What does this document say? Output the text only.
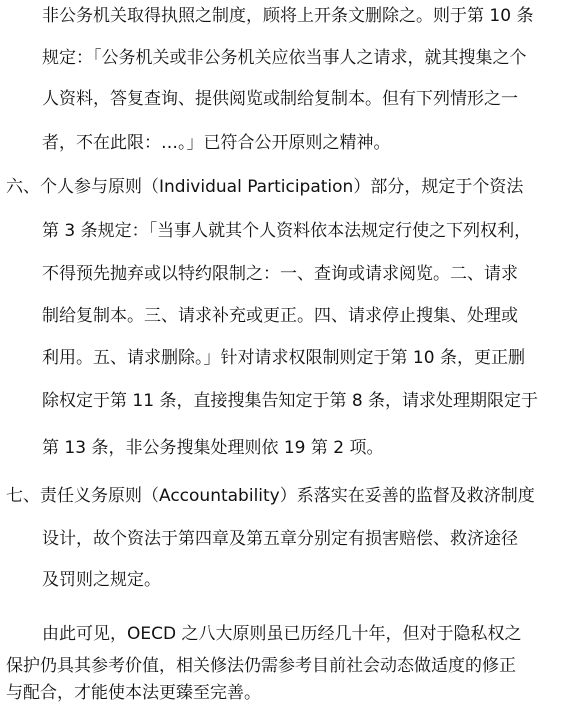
非公务机关取得执照之制度，顾将上开条文删除之。则于第 10 条
规定：「公务机关或非公务机关应依当事人之请求，就其搜集之个
人资料，答复查询、提供阅览或制给复制本。但有下列情形之一
者，不在此限：…。」已符合公开原则之精神。
六、个人参与原则（Individual Participation）部分，规定于个资法
第 3 条规定：「当事人就其个人资料依本法规定行使之下列权利，
不得预先抛弃或以特约限制之：一、查询或请求阅览。二、请求
制给复制本。三、请求补充或更正。四、请求停止搜集、处理或
利用。五、请求删除。」针对请求权限制则定于第 10 条，更正删
除权定于第 11 条，直接搜集告知定于第 8 条，请求处理期限定于
第 13 条，非公务搜集处理则依 19 第 2 项。
七、责任义务原则（Accountability）系落实在妥善的监督及救济制度
设计，故个资法于第四章及第五章分别定有损害赔偿、救济途径
及罚则之规定。
由此可见，OECD 之八大原则虽已历经几十年，但对于隐私权之
保护仍具其参考价值，相关修法仍需参考目前社会动态做适度的修正
与配合，才能使本法更臻至完善。
